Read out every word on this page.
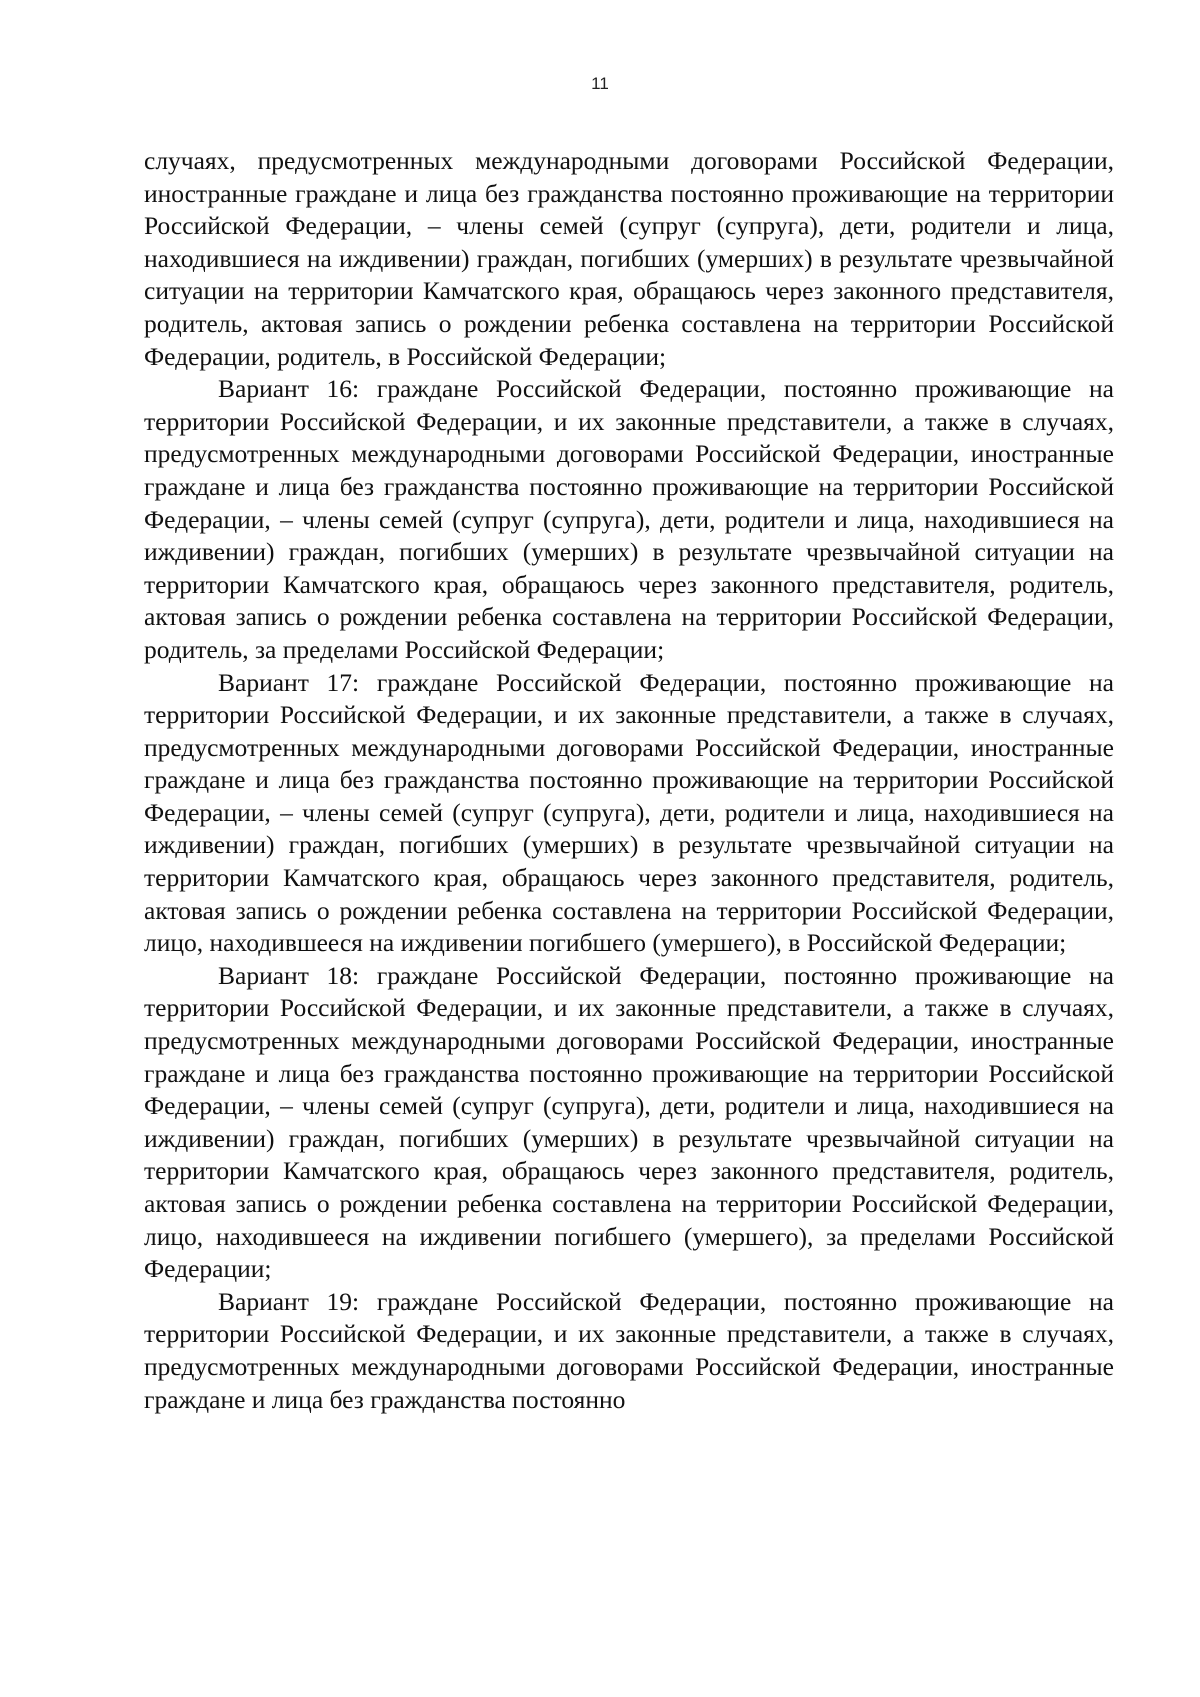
11

случаях, предусмотренных международными договорами Российской Федерации, иностранные граждане и лица без гражданства постоянно проживающие на территории Российской Федерации, – члены семей (супруг (супруга), дети, родители и лица, находившиеся на иждивении) граждан, погибших (умерших) в результате чрезвычайной ситуации на территории Камчатского края, обращаюсь через законного представителя, родитель, актовая запись о рождении ребенка составлена на территории Российской Федерации, родитель, в Российской Федерации;

Вариант 16: граждане Российской Федерации, постоянно проживающие на территории Российской Федерации, и их законные представители, а также в случаях, предусмотренных международными договорами Российской Федерации, иностранные граждане и лица без гражданства постоянно проживающие на территории Российской Федерации, – члены семей (супруг (супруга), дети, родители и лица, находившиеся на иждивении) граждан, погибших (умерших) в результате чрезвычайной ситуации на территории Камчатского края, обращаюсь через законного представителя, родитель, актовая запись о рождении ребенка составлена на территории Российской Федерации, родитель, за пределами Российской Федерации;

Вариант 17: граждане Российской Федерации, постоянно проживающие на территории Российской Федерации, и их законные представители, а также в случаях, предусмотренных международными договорами Российской Федерации, иностранные граждане и лица без гражданства постоянно проживающие на территории Российской Федерации, – члены семей (супруг (супруга), дети, родители и лица, находившиеся на иждивении) граждан, погибших (умерших) в результате чрезвычайной ситуации на территории Камчатского края, обращаюсь через законного представителя, родитель, актовая запись о рождении ребенка составлена на территории Российской Федерации, лицо, находившееся на иждивении погибшего (умершего), в Российской Федерации;

Вариант 18: граждане Российской Федерации, постоянно проживающие на территории Российской Федерации, и их законные представители, а также в случаях, предусмотренных международными договорами Российской Федерации, иностранные граждане и лица без гражданства постоянно проживающие на территории Российской Федерации, – члены семей (супруг (супруга), дети, родители и лица, находившиеся на иждивении) граждан, погибших (умерших) в результате чрезвычайной ситуации на территории Камчатского края, обращаюсь через законного представителя, родитель, актовая запись о рождении ребенка составлена на территории Российской Федерации, лицо, находившееся на иждивении погибшего (умершего), за пределами Российской Федерации;

Вариант 19: граждане Российской Федерации, постоянно проживающие на территории Российской Федерации, и их законные представители, а также в случаях, предусмотренных международными договорами Российской Федерации, иностранные граждане и лица без гражданства постоянно
